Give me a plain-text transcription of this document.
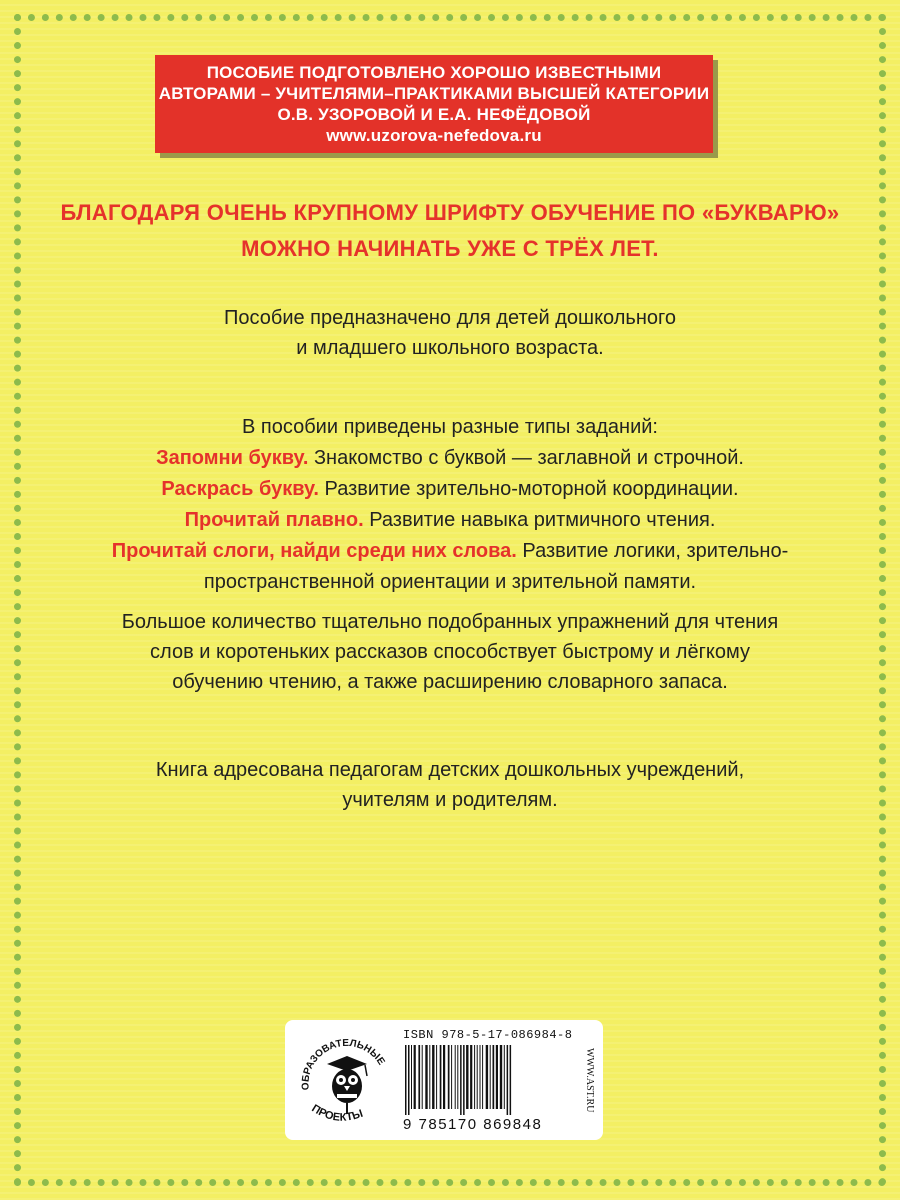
ПОСОБИЕ ПОДГОТОВЛЕНО ХОРОШО ИЗВЕСТНЫМИ
АВТОРАМИ – УЧИТЕЛЯМИ–ПРАКТИКАМИ ВЫСШЕЙ КАТЕГОРИИ
О.В. УЗОРОВОЙ И Е.А. НЕФЁДОВОЙ
www.uzorova-nefedova.ru
БЛАГОДАРЯ ОЧЕНЬ КРУПНОМУ ШРИФТУ ОБУЧЕНИЕ ПО «БУКВАРЮ»
МОЖНО НАЧИНАТЬ УЖЕ С ТРЁХ ЛЕТ.
Пособие предназначено для детей дошкольного
и младшего школьного возраста.
В пособии приведены разные типы заданий:
Запомни букву. Знакомство с буквой — заглавной и строчной.
Раскрась букву. Развитие зрительно-моторной координации.
Прочитай плавно. Развитие навыка ритмичного чтения.
Прочитай слоги, найди среди них слова. Развитие логики, зрительно-
пространственной ориентации и зрительной памяти.
Большое количество тщательно подобранных упражнений для чтения
слов и коротеньких рассказов способствует быстрому и лёгкому
обучению чтению, а также расширению словарного запаса.
Книга адресована педагогам детских дошкольных учреждений,
учителям и родителям.
ОБРАЗОВАТЕЛЬНЫЕ
ПРОЕКТЫ
ISBN 978-5-17-086984-8
9 785170 869848
WWW.AST.RU
